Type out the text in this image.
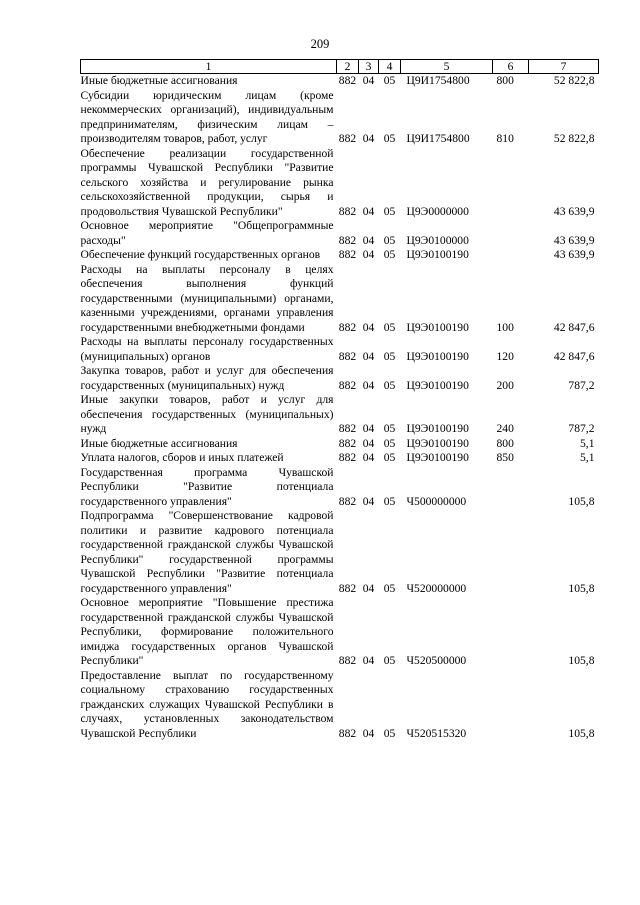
209
1	2	3	4	5	6	7
Иные бюджетные ассигнования	882	04	05	Ц9И1754800	800	52 822,8
Субсидии юридическим лицам (кроме некоммерческих организаций), индивидуальным предпринимателям, физическим лицам – производителям товаров, работ, услуг	882	04	05	Ц9И1754800	810	52 822,8
Обеспечение реализации государственной программы Чувашской Республики "Развитие сельского хозяйства и регулирование рынка сельскохозяйственной продукции, сырья и продовольствия Чувашской Республики"	882	04	05	Ц9Э0000000		43 639,9
Основное мероприятие "Общепрограммные расходы"	882	04	05	Ц9Э0100000		43 639,9
Обеспечение функций государственных органов	882	04	05	Ц9Э0100190		43 639,9
Расходы на выплаты персоналу в целях обеспечения выполнения функций государственными (муниципальными) органами, казенными учреждениями, органами управления государственными внебюджетными фондами	882	04	05	Ц9Э0100190	100	42 847,6
Расходы на выплаты персоналу государственных (муниципальных) органов	882	04	05	Ц9Э0100190	120	42 847,6
Закупка товаров, работ и услуг для обеспечения государственных (муниципальных) нужд	882	04	05	Ц9Э0100190	200	787,2
Иные закупки товаров, работ и услуг для обеспечения государственных (муниципальных) нужд	882	04	05	Ц9Э0100190	240	787,2
Иные бюджетные ассигнования	882	04	05	Ц9Э0100190	800	5,1
Уплата налогов, сборов и иных платежей	882	04	05	Ц9Э0100190	850	5,1
Государственная программа Чувашской Республики "Развитие потенциала государственного управления"	882	04	05	Ч500000000		105,8
Подпрограмма "Совершенствование кадровой политики и развитие кадрового потенциала государственной гражданской службы Чувашской Республики" государственной программы Чувашской Республики "Развитие потенциала государственного управления"	882	04	05	Ч520000000		105,8
Основное мероприятие "Повышение престижа государственной гражданской службы Чувашской Республики, формирование положительного имиджа государственных органов Чувашской Республики"	882	04	05	Ч520500000		105,8
Предоставление выплат по государственному социальному страхованию государственных гражданских служащих Чувашской Республики в случаях, установленных законодательством Чувашской Республики	882	04	05	Ч520515320		105,8
